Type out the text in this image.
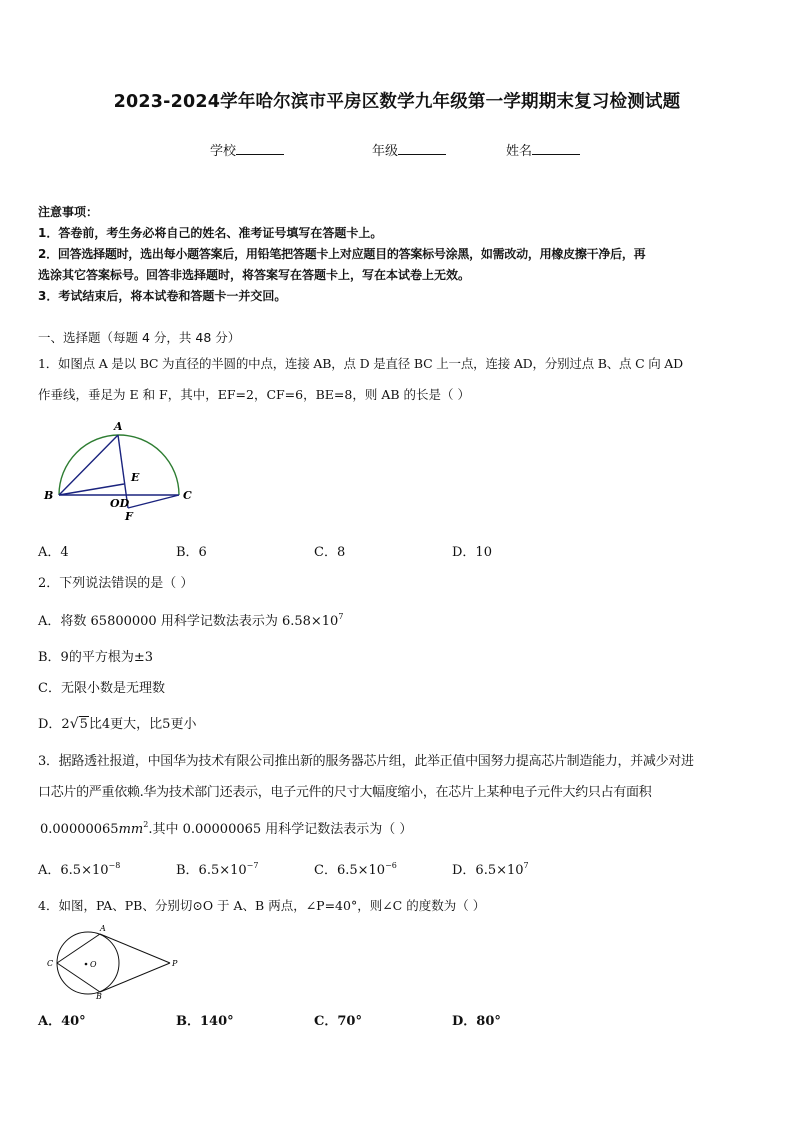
2023-2024学年哈尔滨市平房区数学九年级第一学期期末复习检测试题
学校	年级	姓名
注意事项：
1．答卷前，考生务必将自己的姓名、准考证号填写在答题卡上。
2．回答选择题时，选出每小题答案后，用铅笔把答题卡上对应题目的答案标号涂黑，如需改动，用橡皮擦干净后，再
选涂其它答案标号。回答非选择题时，将答案写在答题卡上，写在本试卷上无效。
3．考试结束后，将本试卷和答题卡一并交回。
一、选择题（每题 4 分，共 48 分）
1．如图点 A 是以 BC 为直径的半圆的中点，连接 AB，点 D 是直径 BC 上一点，连接 AD，分别过点 B、点 C 向 AD
作垂线，垂足为 E 和 F，其中，EF=2，CF=6，BE=8，则 AB 的长是（ ）
A
B	C
E
OD
F
A．4	B．6	C．8	D．10
2．下列说法错误的是（ ）
A．将数 65800000 用科学记数法表示为 $6.58\times 10^7$
B．9的平方根为±3
C．无限小数是无理数
D．2√5比4更大，比5更小
3．据路透社报道，中国华为技术有限公司推出新的服务器芯片组，此举正值中国努力提高芯片制造能力，并减少对进
口芯片的严重依赖.华为技术部门还表示，电子元件的尺寸大幅度缩小，在芯片上某种电子元件大约只占有面积
$0.00000065mm^2$.其中 0.00000065 用科学记数法表示为（ ）
A．$6.5\times 10^{-8}$	B．$6.5\times 10^{-7}$	C．$6.5\times 10^{-6}$	D．$6.5\times 10^7$
4．如图，PA、PB、分别切⊙O 于 A、B 两点，∠P=40°，则∠C 的度数为（ ）
A
B
C	O	P
A．40°	B．140°	C．70°	D．80°
